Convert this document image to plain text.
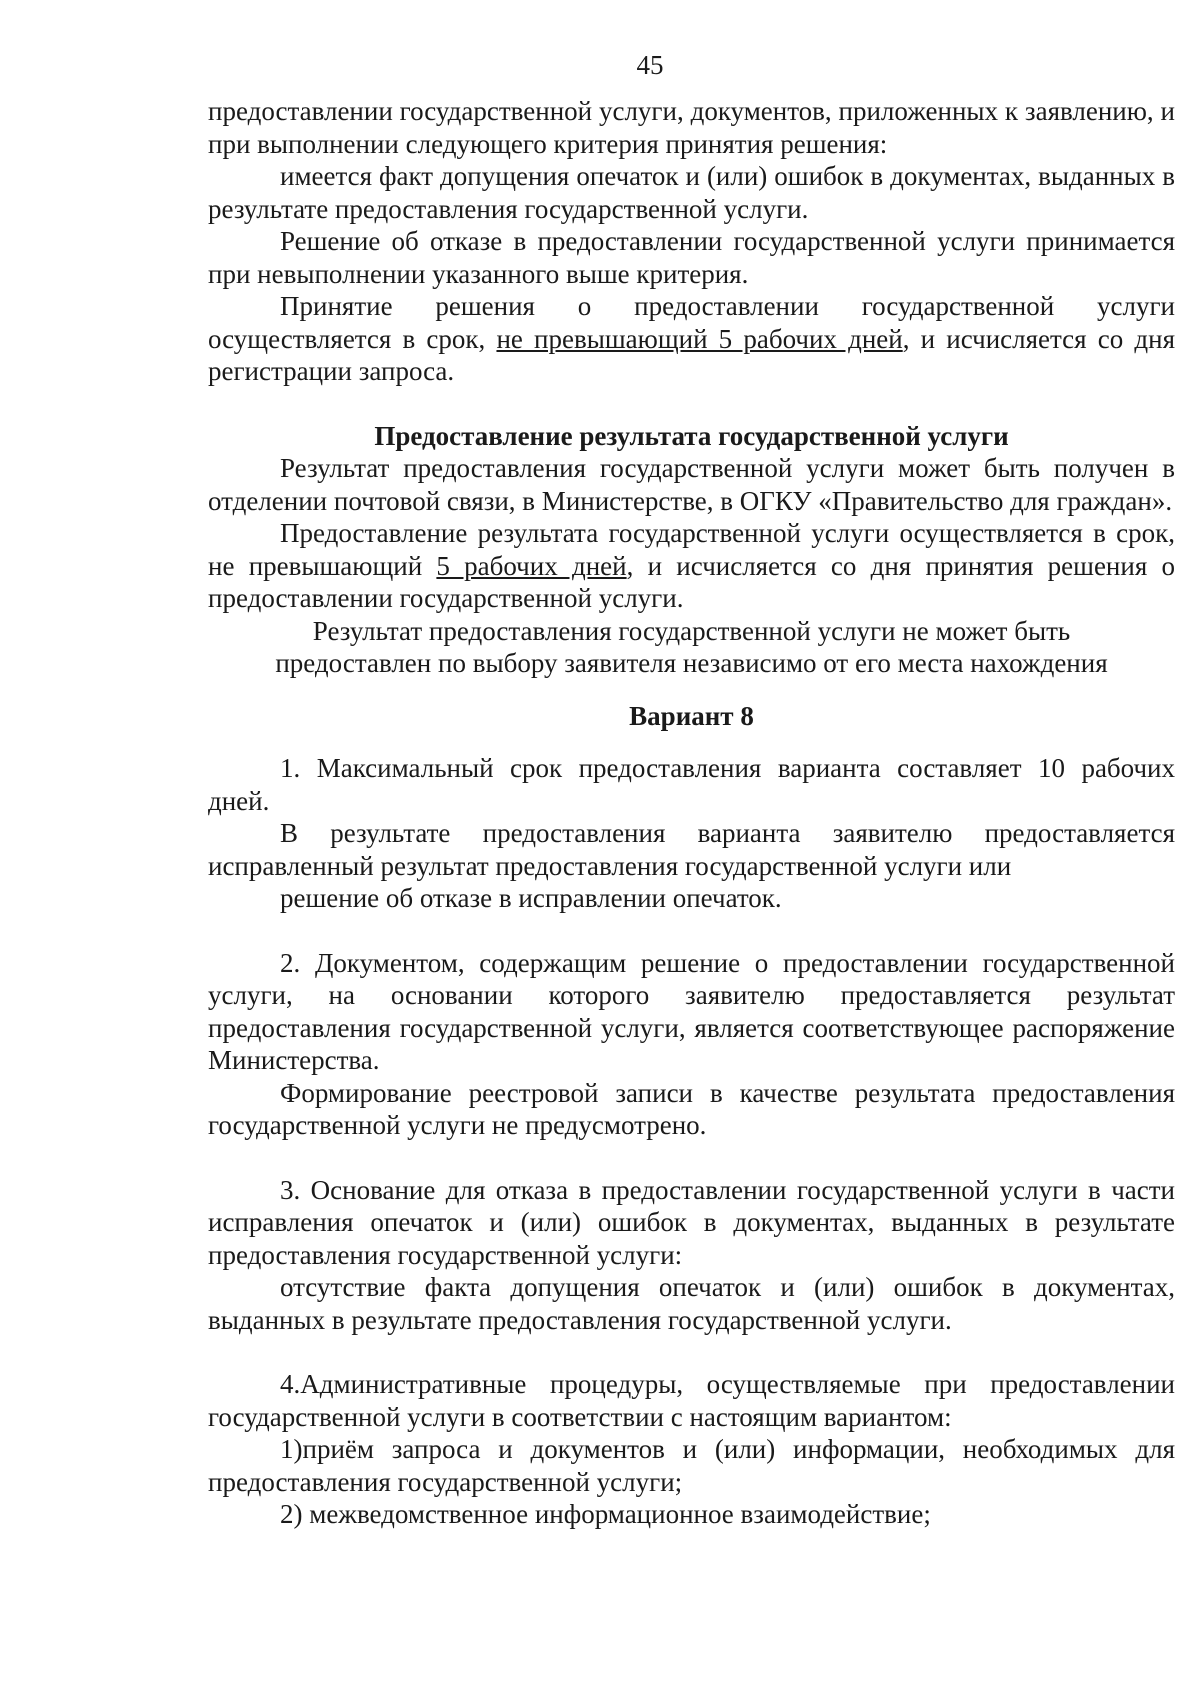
45

предоставлении государственной услуги, документов, приложенных к заявлению, и при выполнении следующего критерия принятия решения:

имеется факт допущения опечаток и (или) ошибок в документах, выданных в результате предоставления государственной услуги.

Решение об отказе в предоставлении государственной услуги принимается при невыполнении указанного выше критерия.

Принятие решения о предоставлении государственной услуги осуществляется в срок, не превышающий 5 рабочих дней, и исчисляется со дня регистрации запроса.

Предоставление результата государственной услуги

Результат предоставления государственной услуги может быть получен в отделении почтовой связи, в Министерстве, в ОГКУ «Правительство для граждан».

Предоставление результата государственной услуги осуществляется в срок, не превышающий 5 рабочих дней, и исчисляется со дня принятия решения о предоставлении государственной услуги.

Результат предоставления государственной услуги не может быть

предоставлен по выбору заявителя независимо от его места нахождения

Вариант 8

1. Максимальный срок предоставления варианта составляет 10 рабочих дней.

В результате предоставления варианта заявителю предоставляется исправленный результат предоставления государственной услуги или

решение об отказе в исправлении опечаток.

2. Документом, содержащим решение о предоставлении государственной услуги, на основании которого заявителю предоставляется результат предоставления государственной услуги, является соответствующее распоряжение Министерства.

Формирование реестровой записи в качестве результата предоставления государственной услуги не предусмотрено.

3. Основание для отказа в предоставлении государственной услуги в части исправления опечаток и (или) ошибок в документах, выданных в результате предоставления государственной услуги:

отсутствие факта допущения опечаток и (или) ошибок в документах, выданных в результате предоставления государственной услуги.

4.Административные процедуры, осуществляемые при предоставлении государственной услуги в соответствии с настоящим вариантом:

1)приём запроса и документов и (или) информации, необходимых для предоставления государственной услуги;

2) межведомственное информационное взаимодействие;
